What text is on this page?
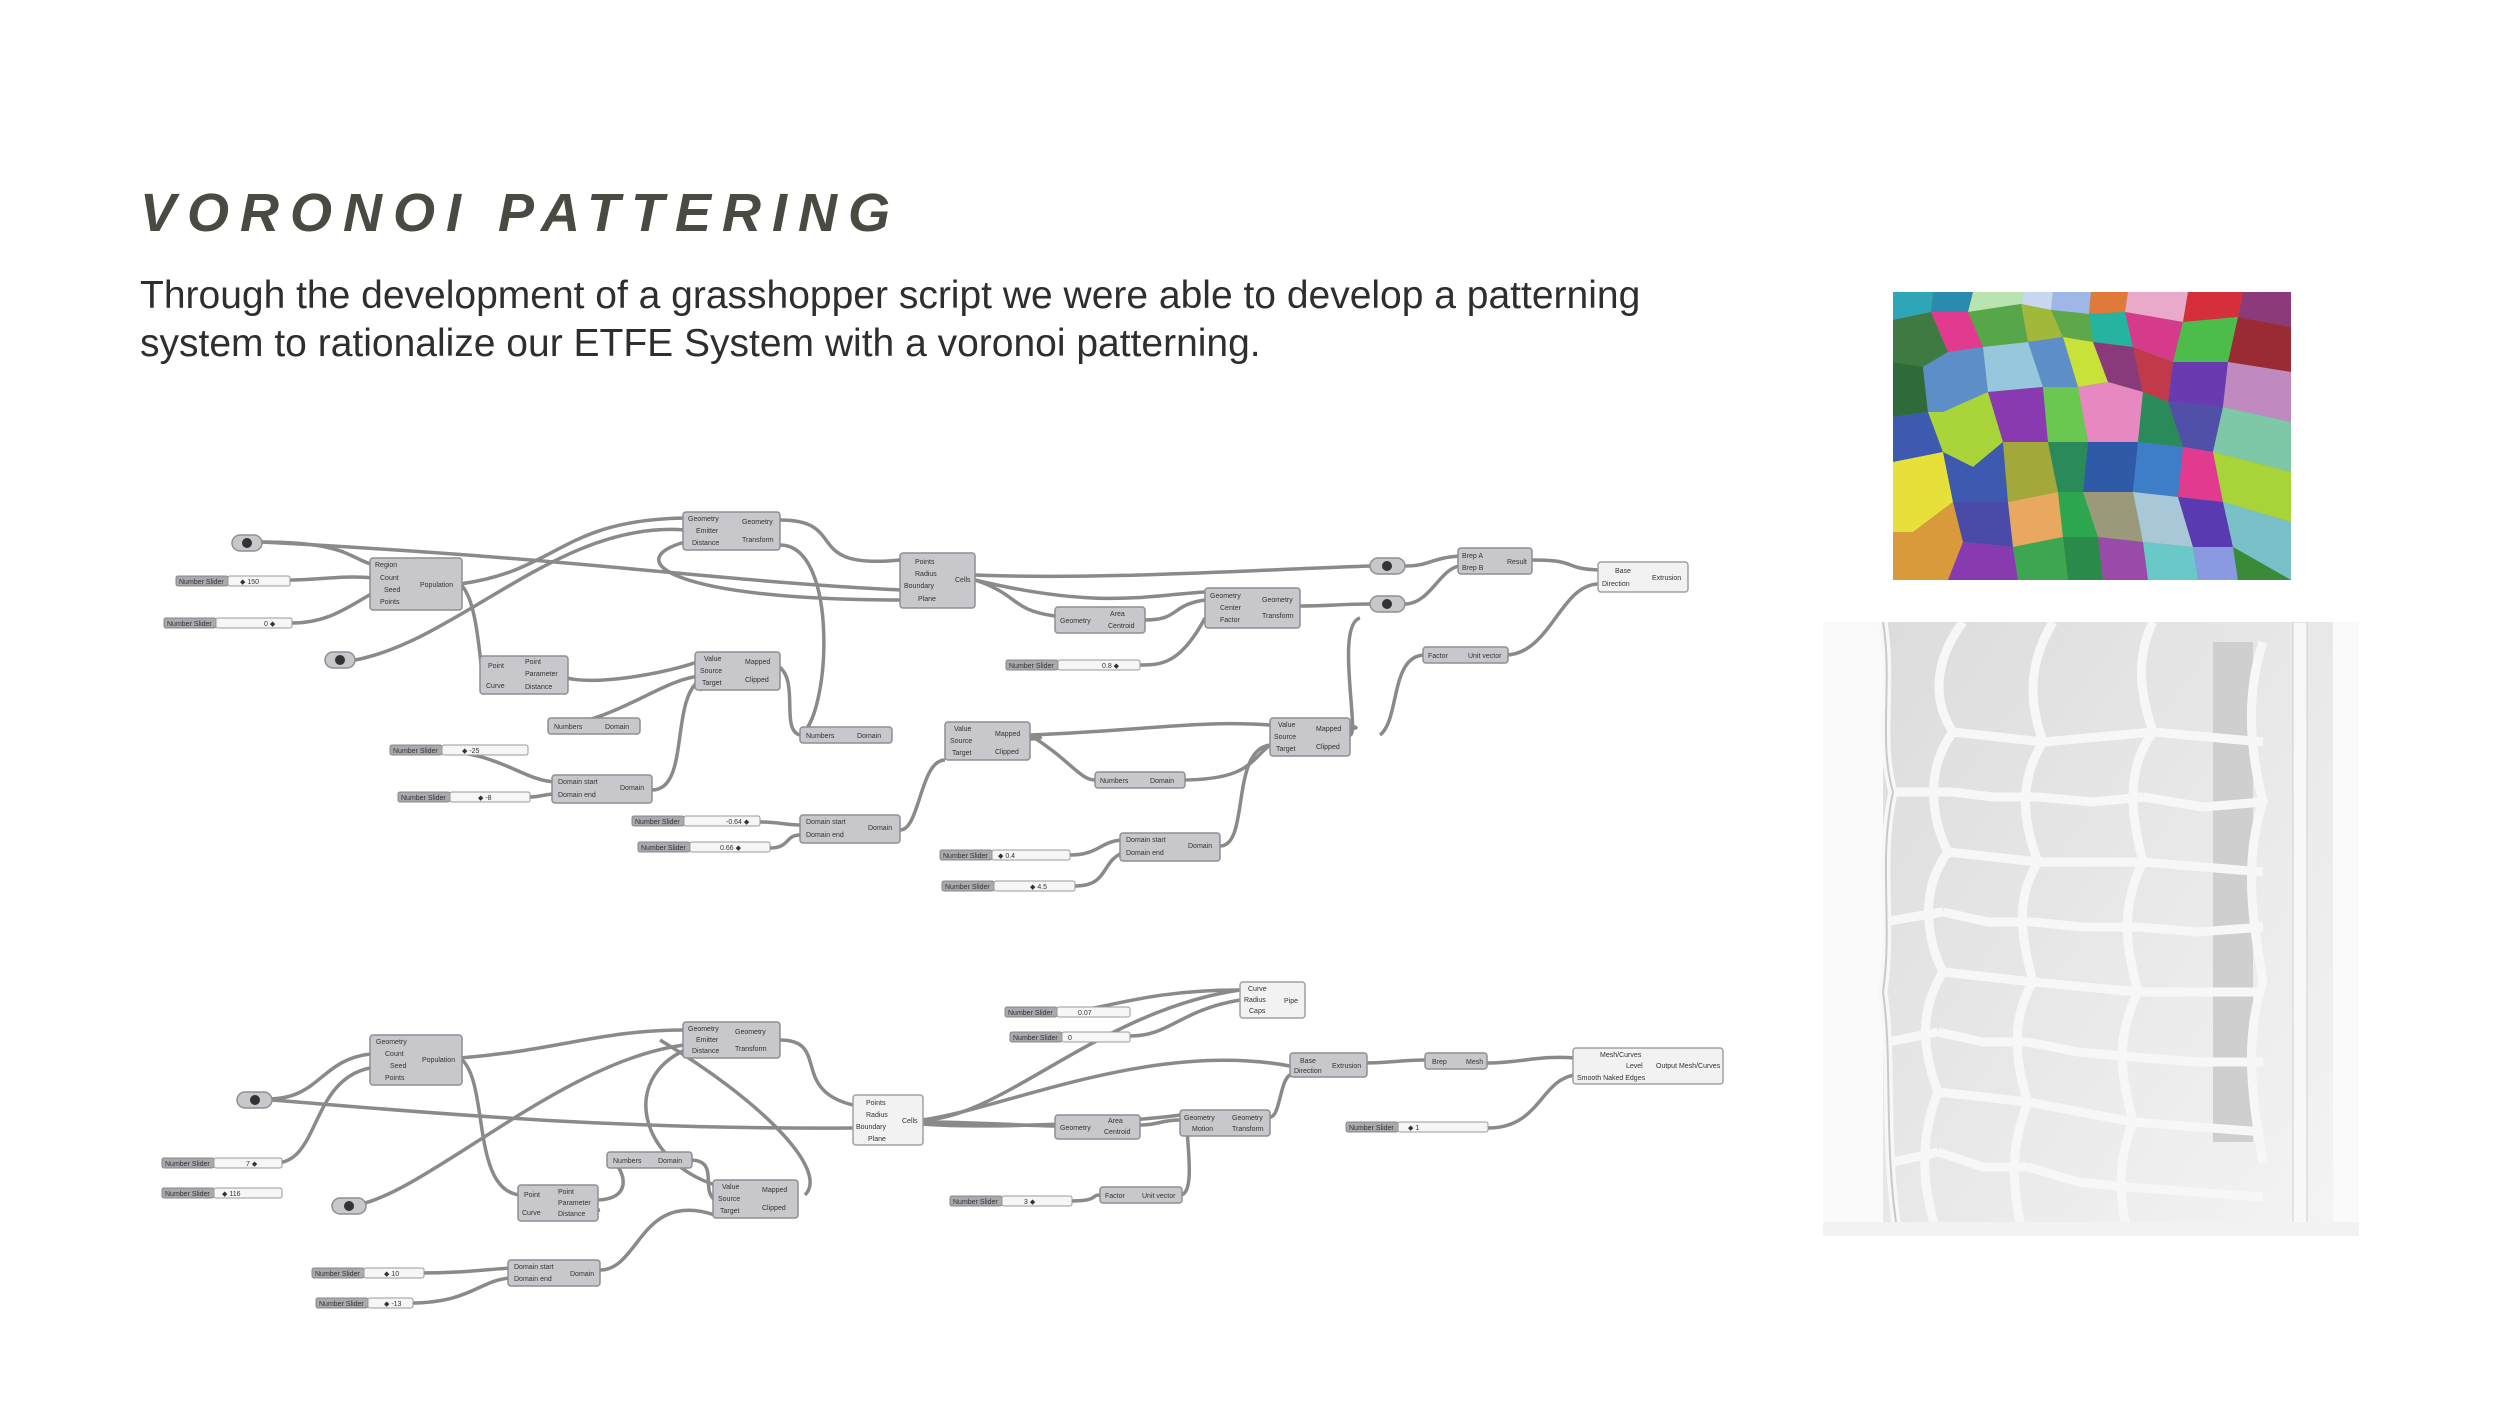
VORONOI PATTERING

Through the development of a grasshopper script we were able to develop a patterning system to rationalize our ETFE System with a voronoi patterning.

Region
Count
Seed
Points
Population
Geometry
Emitter
Distance
Geometry
Transform
Points
Radius
Boundary
Plane
Cells
Point
Curve
Point
Parameter
Distance
Value
Source
Target
Mapped
Clipped
Numbers	Domain
Domain start
Domain end
Domain
Numbers	Domain
Value
Source
Target
Mapped
Clipped
Domain start
Domain end
Domain
Geometry
Area
Centroid
Numbers	Domain
Domain start
Domain end
Domain
Geometry
Center
Factor
Geometry
Transform
Value
Source
Target
Mapped
Clipped
Brep A
Brep B
Result
Base
Direction
Extrusion
Factor	Unit vector
Number Slider ◆ 150
Number Slider	0 ◆
Number Slider	0.8 ◆
Number Slider	◆ -25
Number Slider	◆ -8
Number Slider	-0.64 ◆
Number Slider	0.66 ◆
Number Slider ◆ 0.4
Number Slider	◆ 4.5
Geometry
Count
Seed
Points
Population
Geometry
Emitter
Distance
Geometry
Transform
Points
Radius
Boundary
Plane
Cells
Curve
Radius
Caps
Pipe
Base
Direction
Extrusion
Brep	Mesh
Mesh/Curves
Level
Smooth Naked Edges
Output Mesh/Curves
Geometry
Area
Centroid
Geometry
Motion
Geometry
Transform
Numbers Domain
Point
Curve
Point
Parameter
Distance
Value
Source
Target
Mapped
Clipped
Domain start
Domain end
Domain
Factor Unit vector
Number Slider	0.07
Number Slider 0
Number Slider	7 ◆
Number Slider ◆ 116
Number Slider ◆ 1
Number Slider	◆ 10
Number Slider	◆ -13
Number Slider	3 ◆
